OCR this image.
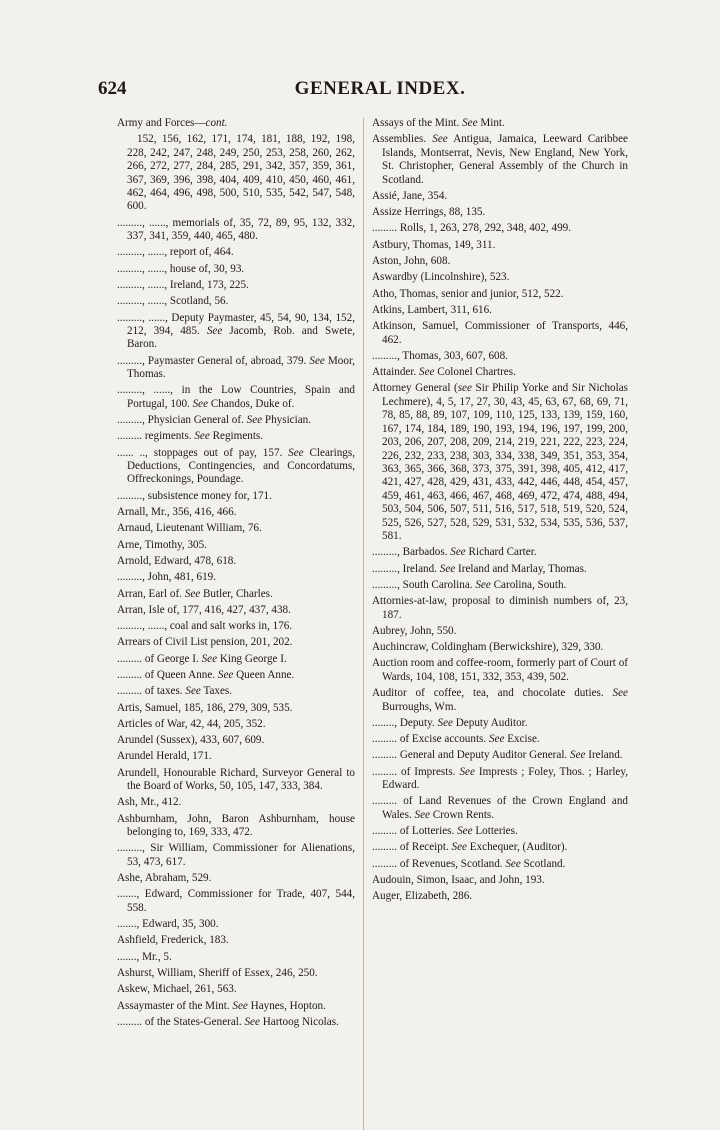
624	GENERAL INDEX.

Army and Forces—cont.

152, 156, 162, 171, 174, 181, 188, 192, 198, 228, 242, 247, 248, 249, 250, 253, 258, 260, 262, 266, 272, 277, 284, 285, 291, 342, 357, 359, 361, 367, 369, 396, 398, 404, 409, 410, 450, 460, 461, 462, 464, 496, 498, 500, 510, 535, 542, 547, 548, 600.

........., ......, memorials of, 35, 72, 89, 95, 132, 332, 337, 341, 359, 440, 465, 480.

........., ......, report of, 464.

........., ......, house of, 30, 93.

........., ......, Ireland, 173, 225.

........., ......, Scotland, 56.

........., ......, Deputy Paymaster, 45, 54, 90, 134, 152, 212, 394, 485. See Jacomb, Rob. and Swete, Baron.

........., Paymaster General of, abroad, 379. See Moor, Thomas.

........., ......, in the Low Countries, Spain and Portugal, 100. See Chandos, Duke of.

........., Physician General of. See Physician.

......... regiments. See Regiments.

...... .., stoppages out of pay, 157. See Clearings, Deductions, Contingencies, and Concordatums, Offreckonings, Poundage.

........., subsistence money for, 171.

Arnall, Mr., 356, 416, 466.

Arnaud, Lieutenant William, 76.

Arne, Timothy, 305.

Arnold, Edward, 478, 618.

........., John, 481, 619.

Arran, Earl of. See Butler, Charles.

Arran, Isle of, 177, 416, 427, 437, 438.

........., ......, coal and salt works in, 176.

Arrears of Civil List pension, 201, 202.

......... of George I. See King George I.

......... of Queen Anne. See Queen Anne.

......... of taxes. See Taxes.

Artis, Samuel, 185, 186, 279, 309, 535.

Articles of War, 42, 44, 205, 352.

Arundel (Sussex), 433, 607, 609.

Arundel Herald, 171.

Arundell, Honourable Richard, Surveyor General to the Board of Works, 50, 105, 147, 333, 384.

Ash, Mr., 412.

Ashburnham, John, Baron Ashburnham, house belonging to, 169, 333, 472.

........., Sir William, Commissioner for Alienations, 53, 473, 617.

Ashe, Abraham, 529.

......., Edward, Commissioner for Trade, 407, 544, 558.

......., Edward, 35, 300.

Ashfield, Frederick, 183.

......., Mr., 5.

Ashurst, William, Sheriff of Essex, 246, 250.

Askew, Michael, 261, 563.

Assaymaster of the Mint. See Haynes, Hopton.

......... of the States-General. See Hartoog Nicolas.

Assays of the Mint. See Mint.

Assemblies. See Antigua, Jamaica, Leeward Caribbee Islands, Montserrat, Nevis, New England, New York, St. Christopher, General Assembly of the Church in Scotland.

Assié, Jane, 354.

Assize Herrings, 88, 135.

......... Rolls, 1, 263, 278, 292, 348, 402, 499.

Astbury, Thomas, 149, 311.

Aston, John, 608.

Aswardby (Lincolnshire), 523.

Atho, Thomas, senior and junior, 512, 522.

Atkins, Lambert, 311, 616.

Atkinson, Samuel, Commissioner of Transports, 446, 462.

........., Thomas, 303, 607, 608.

Attainder. See Colonel Chartres.

Attorney General (see Sir Philip Yorke and Sir Nicholas Lechmere), 4, 5, 17, 27, 30, 43, 45, 63, 67, 68, 69, 71, 78, 85, 88, 89, 107, 109, 110, 125, 133, 139, 159, 160, 167, 174, 184, 189, 190, 193, 194, 196, 197, 199, 200, 203, 206, 207, 208, 209, 214, 219, 221, 222, 223, 224, 226, 232, 233, 238, 303, 334, 338, 349, 351, 353, 354, 363, 365, 366, 368, 373, 375, 391, 398, 405, 412, 417, 421, 427, 428, 429, 431, 433, 442, 446, 448, 454, 457, 459, 461, 463, 466, 467, 468, 469, 472, 474, 488, 494, 503, 504, 506, 507, 511, 516, 517, 518, 519, 520, 524, 525, 526, 527, 528, 529, 531, 532, 534, 535, 536, 537, 581.

........., Barbados. See Richard Carter.

........., Ireland. See Ireland and Marlay, Thomas.

........., South Carolina. See Carolina, South.

Attornies-at-law, proposal to diminish numbers of, 23, 187.

Aubrey, John, 550.

Auchincraw, Coldingham (Berwickshire), 329, 330.

Auction room and coffee-room, formerly part of Court of Wards, 104, 108, 151, 332, 353, 439, 502.

Auditor of coffee, tea, and chocolate duties. See Burroughs, Wm.

........, Deputy. See Deputy Auditor.

......... of Excise accounts. See Excise.

......... General and Deputy Auditor General. See Ireland.

......... of Imprests. See Imprests ; Foley, Thos. ; Harley, Edward.

......... of Land Revenues of the Crown England and Wales. See Crown Rents.

......... of Lotteries. See Lotteries.

......... of Receipt. See Exchequer, (Auditor).

......... of Revenues, Scotland. See Scotland.

Audouin, Simon, Isaac, and John, 193.

Auger, Elizabeth, 286.
